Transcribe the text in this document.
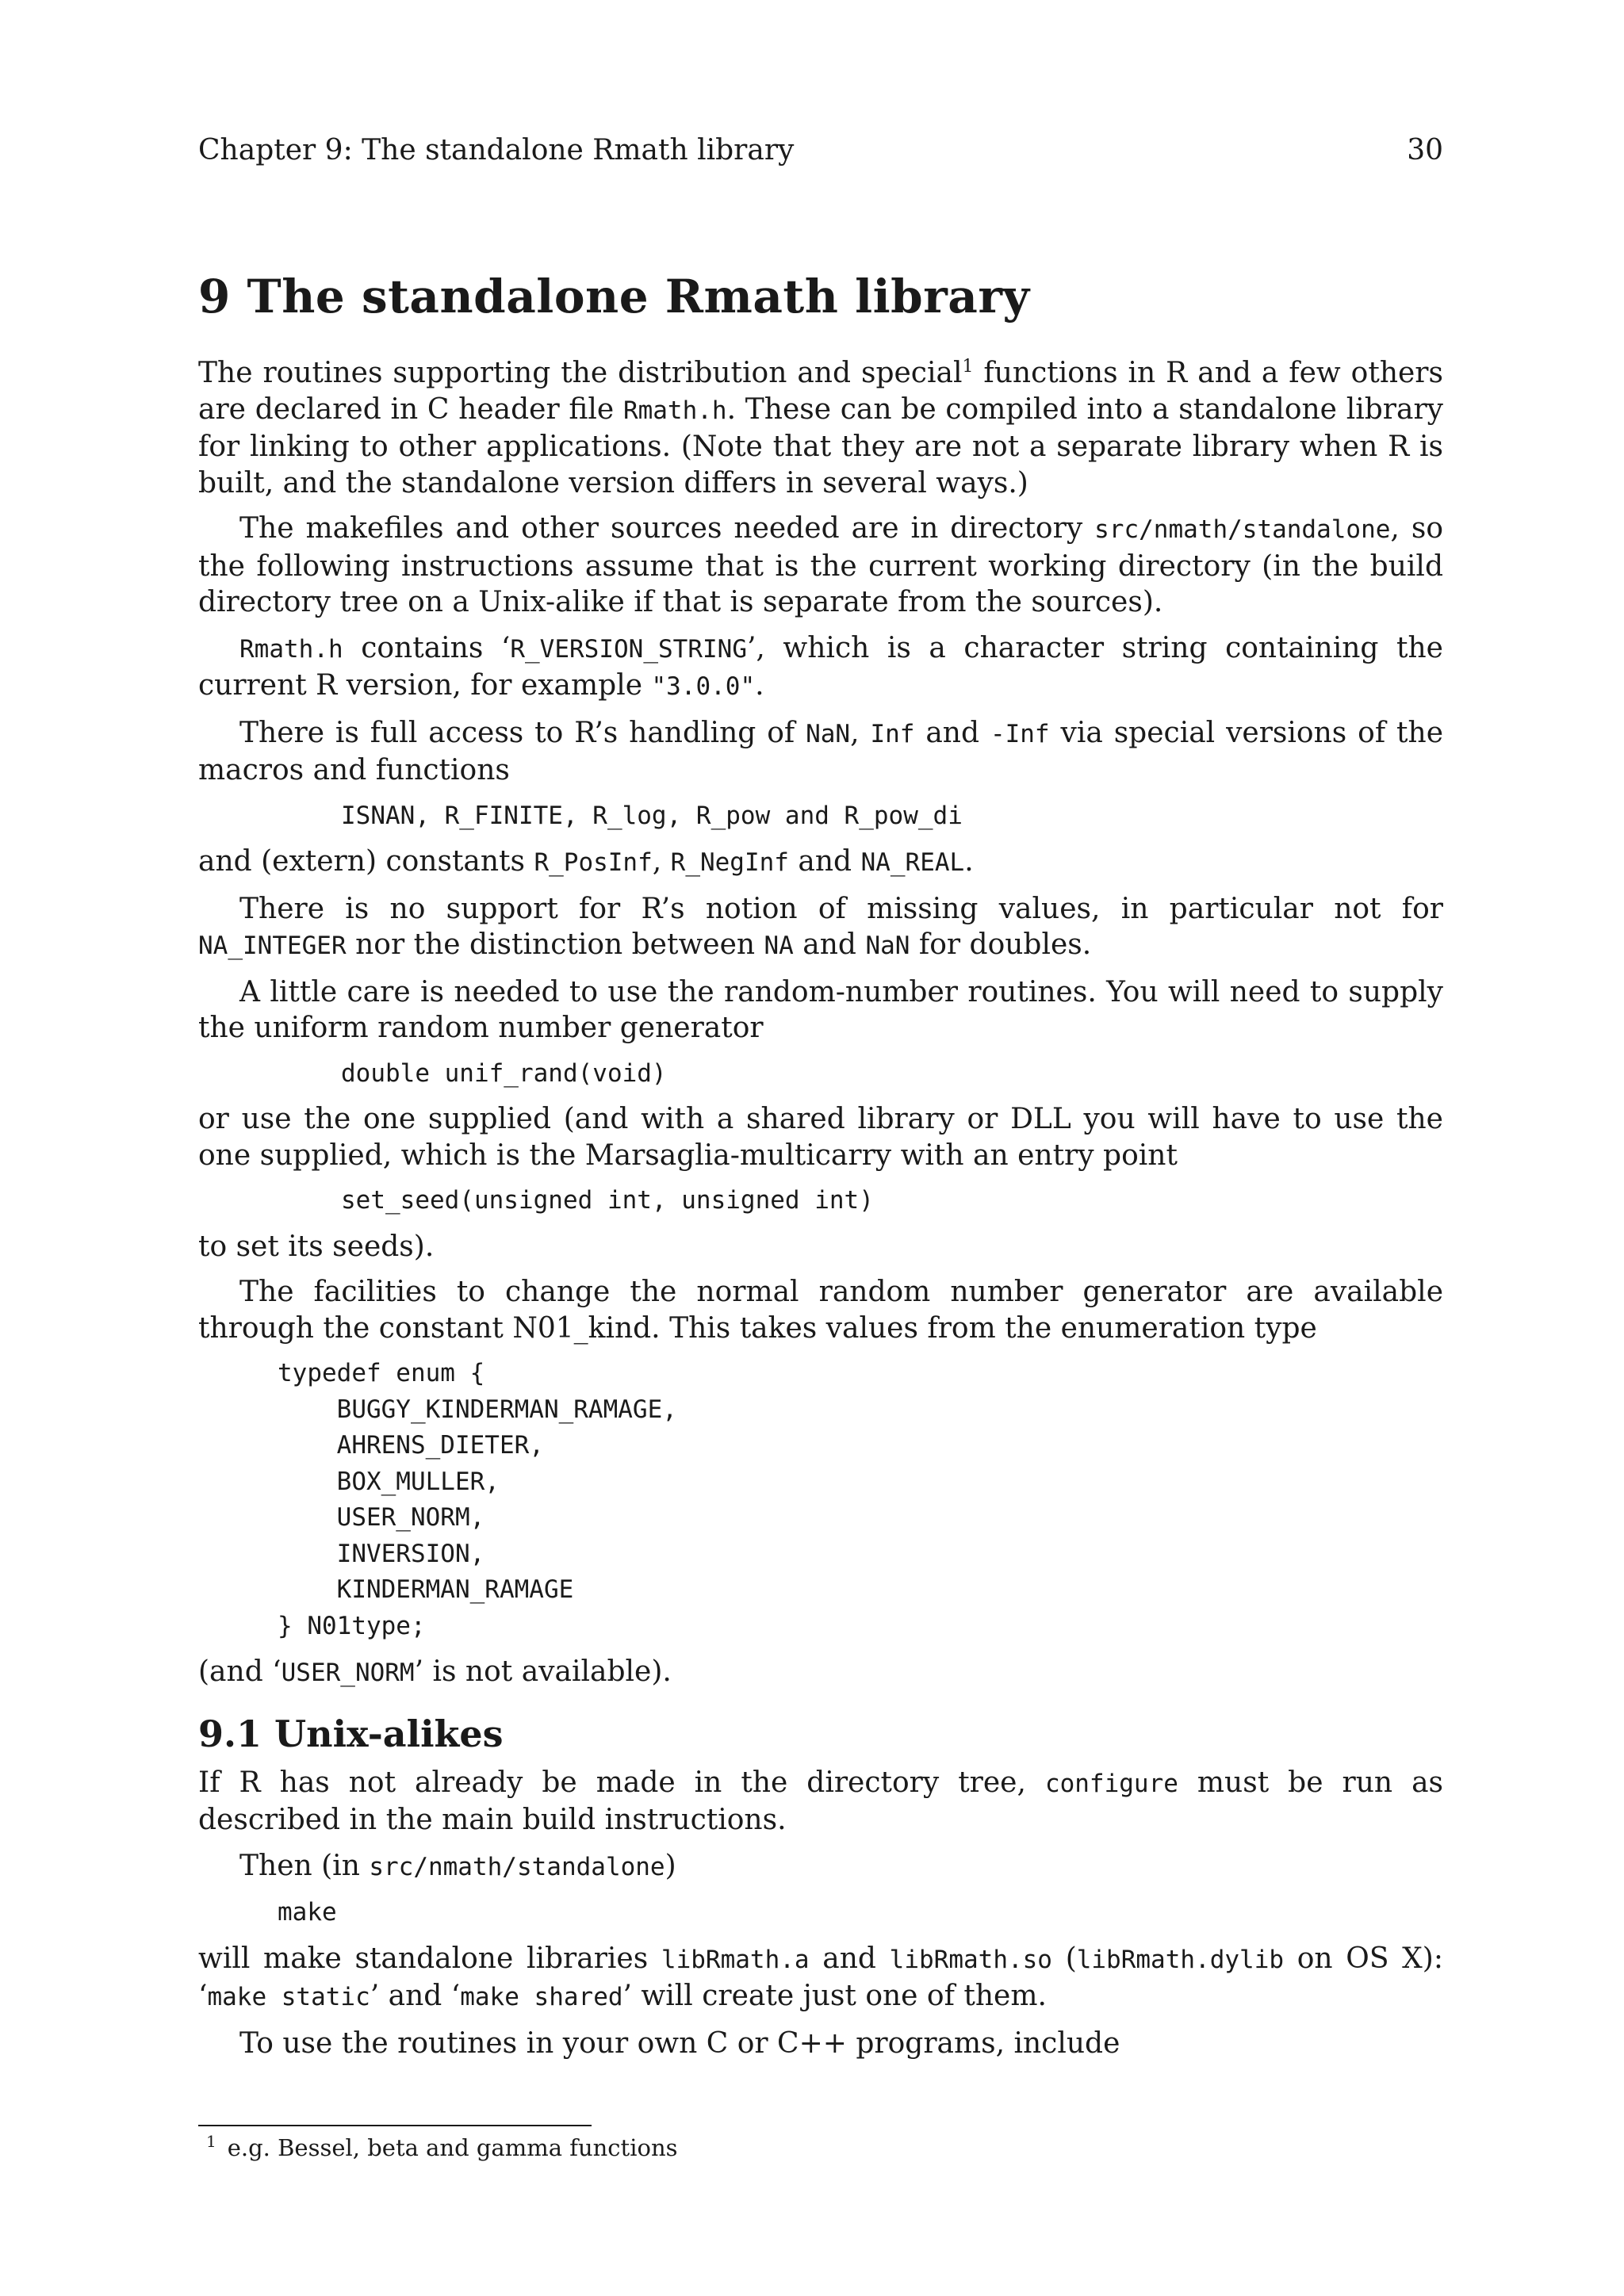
Chapter 9: The standalone Rmath library	30
9 The standalone Rmath library

The routines supporting the distribution and special$^1$ functions in R and a few others are declared in C header file Rmath.h. These can be compiled into a standalone library for linking to other applications. (Note that they are not a separate library when R is built, and the standalone version differs in several ways.)

The makefiles and other sources needed are in directory src/nmath/standalone, so the following instructions assume that is the current working directory (in the build directory tree on a Unix-alike if that is separate from the sources).

Rmath.h contains ‘R_VERSION_STRING’, which is a character string containing the current R version, for example "3.0.0".

There is full access to R’s handling of NaN, Inf and -Inf via special versions of the macros and functions

ISNAN, R_FINITE, R_log, R_pow and R_pow_di

and (extern) constants R_PosInf, R_NegInf and NA_REAL.

There is no support for R’s notion of missing values, in particular not for NA_INTEGER nor the distinction between NA and NaN for doubles.

A little care is needed to use the random-number routines. You will need to supply the uniform random number generator

double unif_rand(void)

or use the one supplied (and with a shared library or DLL you will have to use the one supplied, which is the Marsaglia-multicarry with an entry point

set_seed(unsigned int, unsigned int)

to set its seeds).

The facilities to change the normal random number generator are available through the constant N01_kind. This takes values from the enumeration type

typedef enum {
BUGGY_KINDERMAN_RAMAGE,
AHRENS_DIETER,
BOX_MULLER,
USER_NORM,
INVERSION,
KINDERMAN_RAMAGE
} N01type;

(and ‘USER_NORM’ is not available).

9.1 Unix-alikes

If R has not already be made in the directory tree, configure must be run as described in the main build instructions.

Then (in src/nmath/standalone)

make

will make standalone libraries libRmath.a and libRmath.so (libRmath.dylib on OS X): ‘make static’ and ‘make shared’ will create just one of them.

To use the routines in your own C or C++ programs, include

$^1$ e.g. Bessel, beta and gamma functions
